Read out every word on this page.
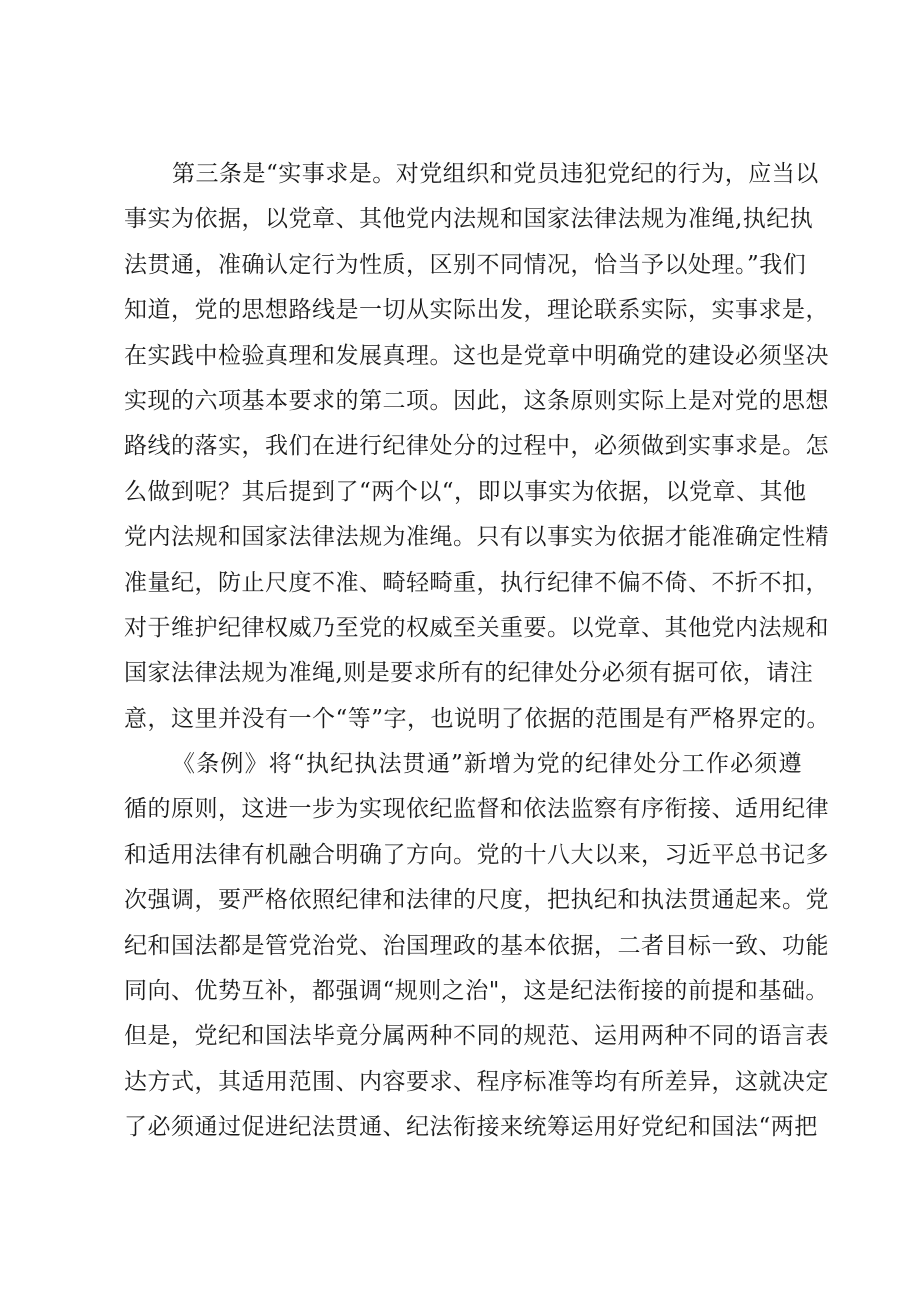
第三条是“实事求是。对党组织和党员违犯党纪的行为，应当以
事实为依据，以党章、其他党内法规和国家法律法规为准绳,执纪执
法贯通，准确认定行为性质，区别不同情况，恰当予以处理。”我们
知道，党的思想路线是一切从实际出发，理论联系实际，实事求是，
在实践中检验真理和发展真理。这也是党章中明确党的建设必须坚决
实现的六项基本要求的第二项。因此，这条原则实际上是对党的思想
路线的落实，我们在进行纪律处分的过程中，必须做到实事求是。怎
么做到呢？其后提到了“两个以“，即以事实为依据，以党章、其他
党内法规和国家法律法规为准绳。只有以事实为依据才能准确定性精
准量纪，防止尺度不准、畸轻畸重，执行纪律不偏不倚、不折不扣，
对于维护纪律权威乃至党的权威至关重要。以党章、其他党内法规和
国家法律法规为准绳,则是要求所有的纪律处分必须有据可依，请注
意，这里并没有一个“等”字，也说明了依据的范围是有严格界定的。
《条例》将“执纪执法贯通”新增为党的纪律处分工作必须遵
循的原则，这进一步为实现依纪监督和依法监察有序衔接、适用纪律
和适用法律有机融合明确了方向。党的十八大以来，习近平总书记多
次强调，要严格依照纪律和法律的尺度，把执纪和执法贯通起来。党
纪和国法都是管党治党、治国理政的基本依据，二者目标一致、功能
同向、优势互补，都强调“规则之治"，这是纪法衔接的前提和基础。
但是，党纪和国法毕竟分属两种不同的规范、运用两种不同的语言表
达方式，其适用范围、内容要求、程序标准等均有所差异，这就决定
了必须通过促进纪法贯通、纪法衔接来统筹运用好党纪和国法“两把
